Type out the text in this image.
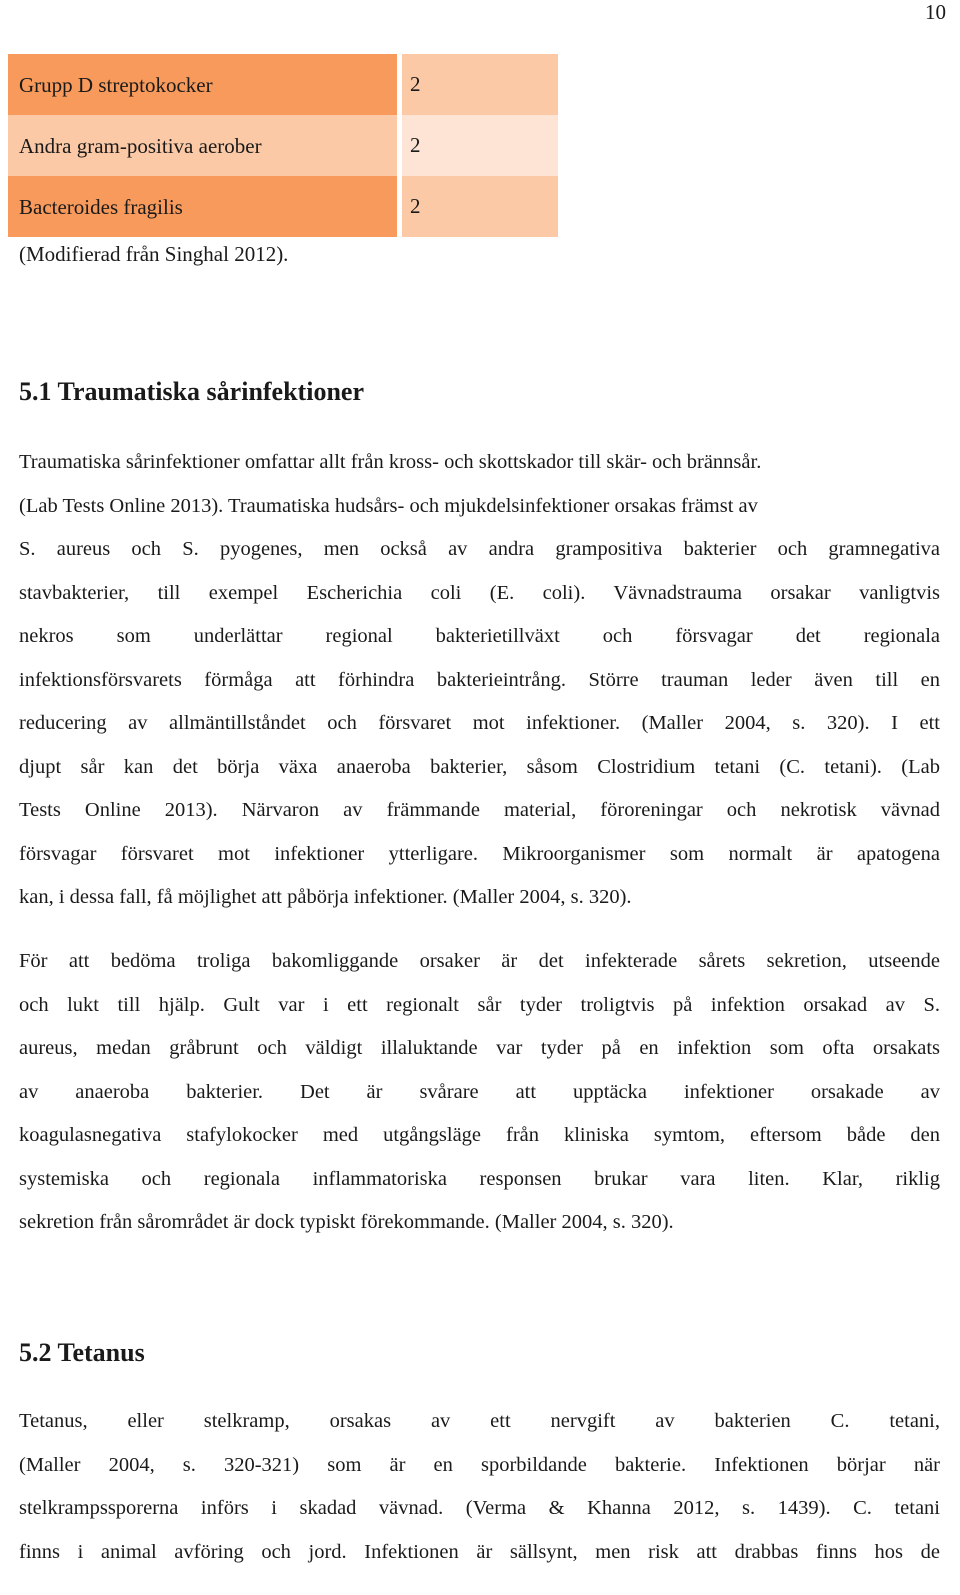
10
Grupp D streptokocker	2
Andra gram-positiva aerober	2
Bacteroides fragilis	2
(Modifierad från Singhal 2012).
5.1 Traumatiska sårinfektioner
Traumatiska sårinfektioner omfattar allt från kross- och skottskador till skär- och brännsår.
(Lab Tests Online 2013). Traumatiska hudsårs- och mjukdelsinfektioner orsakas främst av
S. aureus och S. pyogenes, men också av andra grampositiva bakterier och gramnegativa
stavbakterier, till exempel Escherichia coli (E. coli). Vävnadstrauma orsakar vanligtvis
nekros som underlättar regional bakterietillväxt och försvagar det regionala
infektionsförsvarets förmåga att förhindra bakterieintrång. Större trauman leder även till en
reducering av allmäntillståndet och försvaret mot infektioner. (Maller 2004, s. 320). I ett
djupt sår kan det börja växa anaeroba bakterier, såsom Clostridium tetani (C. tetani). (Lab
Tests Online 2013). Närvaron av främmande material, föroreningar och nekrotisk vävnad
försvagar försvaret mot infektioner ytterligare. Mikroorganismer som normalt är apatogena
kan, i dessa fall, få möjlighet att påbörja infektioner. (Maller 2004, s. 320).
För att bedöma troliga bakomliggande orsaker är det infekterade sårets sekretion, utseende
och lukt till hjälp. Gult var i ett regionalt sår tyder troligtvis på infektion orsakad av S.
aureus, medan gråbrunt och väldigt illaluktande var tyder på en infektion som ofta orsakats
av anaeroba bakterier. Det är svårare att upptäcka infektioner orsakade av
koagulasnegativa stafylokocker med utgångsläge från kliniska symtom, eftersom både den
systemiska och regionala inflammatoriska responsen brukar vara liten. Klar, riklig
sekretion från sårområdet är dock typiskt förekommande. (Maller 2004, s. 320).
5.2 Tetanus
Tetanus, eller stelkramp, orsakas av ett nervgift av bakterien C. tetani,
(Maller 2004, s. 320-321) som är en sporbildande bakterie. Infektionen börjar när
stelkrampssporerna införs i skadad vävnad. (Verma & Khanna 2012, s. 1439). C. tetani
finns i animal avföring och jord. Infektionen är sällsynt, men risk att drabbas finns hos de
